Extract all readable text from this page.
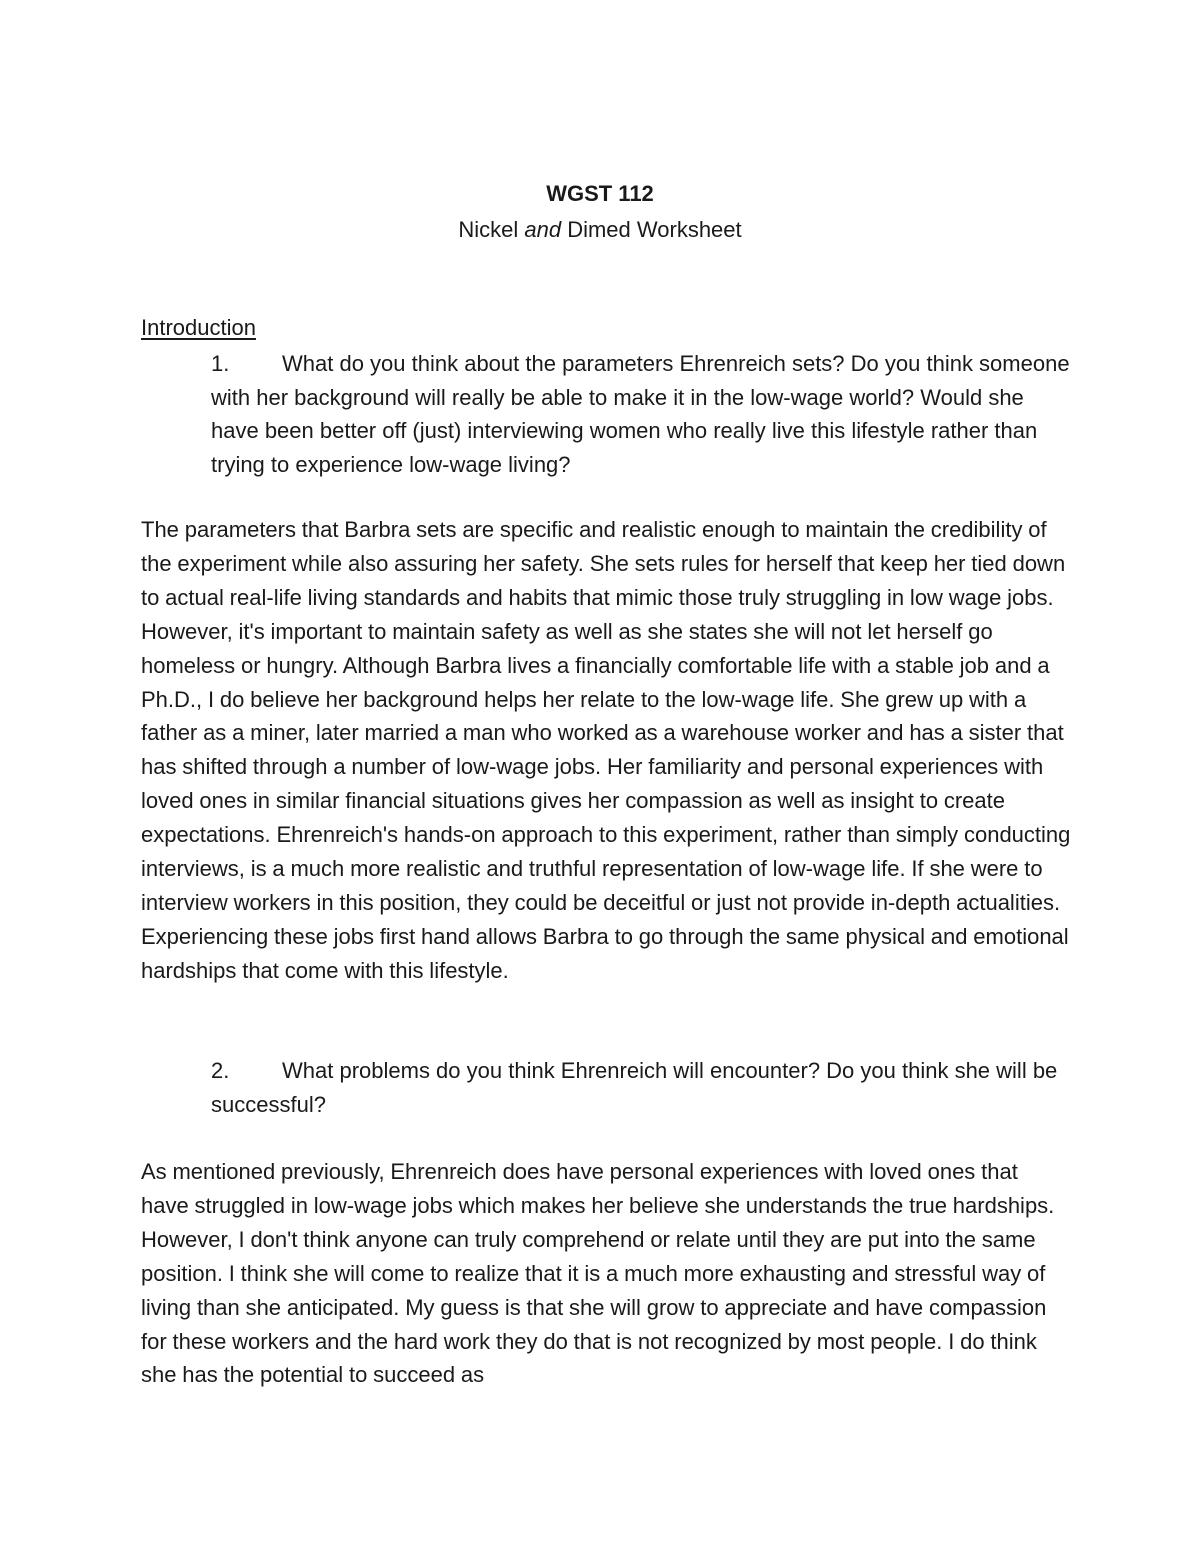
WGST 112
Nickel and Dimed Worksheet

Introduction

1. What do you think about the parameters Ehrenreich sets? Do you think someone with her background will really be able to make it in the low-wage world? Would she have been better off (just) interviewing women who really live this lifestyle rather than trying to experience low-wage living?

The parameters that Barbra sets are specific and realistic enough to maintain the credibility of the experiment while also assuring her safety. She sets rules for herself that keep her tied down to actual real-life living standards and habits that mimic those truly struggling in low wage jobs. However, it's important to maintain safety as well as she states she will not let herself go homeless or hungry. Although Barbra lives a financially comfortable life with a stable job and a Ph.D., I do believe her background helps her relate to the low-wage life. She grew up with a father as a miner, later married a man who worked as a warehouse worker and has a sister that has shifted through a number of low-wage jobs. Her familiarity and personal experiences with loved ones in similar financial situations gives her compassion as well as insight to create expectations. Ehrenreich's hands-on approach to this experiment, rather than simply conducting interviews, is a much more realistic and truthful representation of low-wage life. If she were to interview workers in this position, they could be deceitful or just not provide in-depth actualities. Experiencing these jobs first hand allows Barbra to go through the same physical and emotional hardships that come with this lifestyle.

2. What problems do you think Ehrenreich will encounter? Do you think she will be successful?

As mentioned previously, Ehrenreich does have personal experiences with loved ones that have struggled in low-wage jobs which makes her believe she understands the true hardships. However, I don't think anyone can truly comprehend or relate until they are put into the same position. I think she will come to realize that it is a much more exhausting and stressful way of living than she anticipated. My guess is that she will grow to appreciate and have compassion for these workers and the hard work they do that is not recognized by most people. I do think she has the potential to succeed as
